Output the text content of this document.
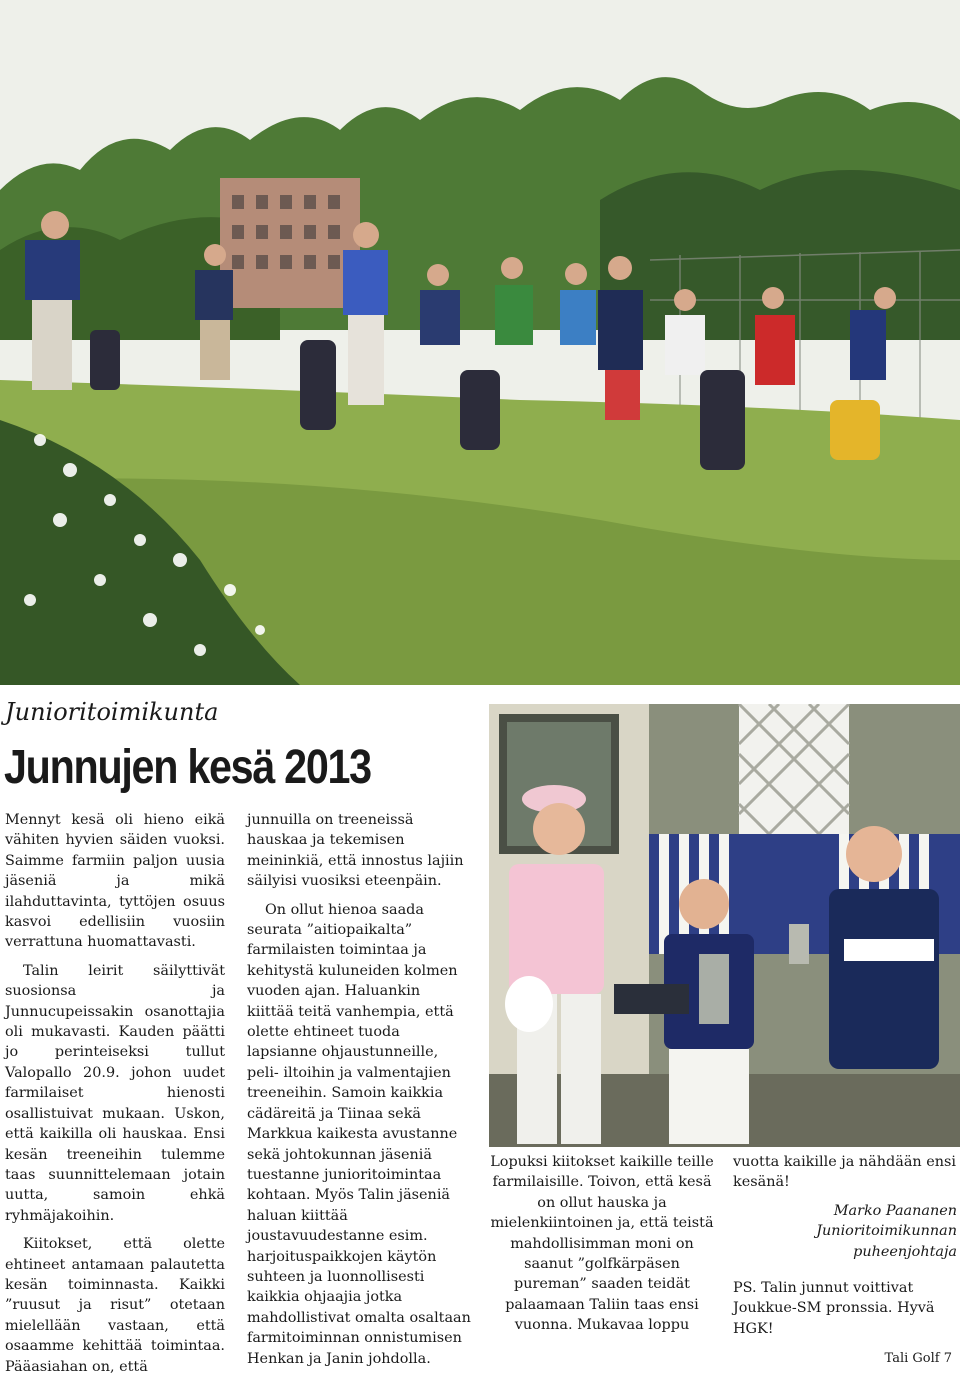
Junioritoimikunta
Junnujen kesä 2013

Mennyt kesä oli hieno eikä vähiten hyvien säiden vuoksi. Saimme farmiin paljon uusia jäseniä ja mikä ilahduttavinta, tyttöjen osuus kasvoi edellisiin vuosiin verrattuna huomattavasti.

Talin leirit säilyttivät suosionsa ja Junnucupeissakin osanottajia oli mukavasti. Kauden päätti jo perinteiseksi tullut Valopallo 20.9. johon uudet farmilaiset hienosti osallistuivat mukaan. Uskon, että kaikilla oli hauskaa. Ensi kesän treeneihin tulemme taas suunnittelemaan jotain uutta, samoin ehkä ryhmäjakoihin.

Kiitokset, että olette ehtineet antamaan palautetta kesän toiminnasta. Kaikki ”ruusut ja risut” otetaan mielellään vastaan, että osaamme kehittää toimintaa. Pääasiahan on, että

junnuilla on treeneissä hauskaa ja tekemisen meininkiä, että innostus lajiin säilyisi vuosiksi eteenpäin.

On ollut hienoa saada seurata ”aitiopaikalta” farmilaisten toimintaa ja kehitystä kuluneiden kolmen vuoden ajan. Haluankin kiittää teitä vanhempia, että olette ehtineet tuoda lapsianne ohjaustunneille, peli- iltoihin ja valmentajien treeneihin. Samoin kaikkia cädäreitä ja Tiinaa sekä Markkua kaikesta avustanne sekä johtokunnan jäseniä tuestanne junioritoimintaa kohtaan. Myös Talin jäseniä haluan kiittää joustavuudestanne esim. harjoituspaikkojen käytön suhteen ja luonnollisesti kaikkia ohjaajia jotka mahdollistivat omalta osaltaan farmitoiminnan onnistumisen Henkan ja Janin johdolla.

Lopuksi kiitokset kaikille teille farmilaisille. Toivon, että kesä on ollut hauska ja mielenkiintoinen ja, että teistä mahdollisimman moni on saanut ”golfkärpäsen pureman” saaden teidät palaamaan Taliin taas ensi vuonna. Mukavaa loppu

vuotta kaikille ja nähdään ensi kesänä!

Marko Paananen
Junioritoimikunnan
puheenjohtaja

PS. Talin junnut voittivat Joukkue-SM pronssia. Hyvä HGK!

Tali Golf 7
